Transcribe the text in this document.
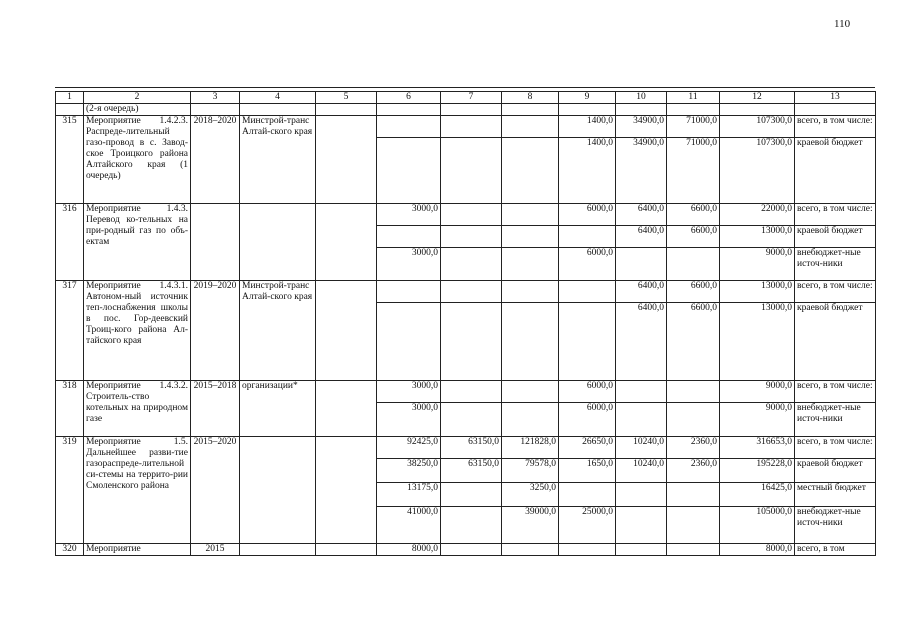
110
1	2	3	4	5	6	7	8	9	10	11	12	13
	(2-я очередь)											
315	Мероприятие 1.4.2.3. Распреде-лительный газо-провод в с. Завод-ское Троицкого района Алтайского края (1 очередь)	2018–2020	Минстрой-транс Алтай-ского края					1400,0	34900,0	71000,0	107300,0	всего, в том числе:
								1400,0	34900,0	71000,0	107300,0	краевой бюджет
316	Мероприятие 1.4.3. Перевод ко-тельных на при-родный газ по объ-ектам				3000,0			6000,0	6400,0	6600,0	22000,0	всего, в том числе:
									6400,0	6600,0	13000,0	краевой бюджет
					3000,0			6000,0			9000,0	внебюджет-ные источ-ники
317	Мероприятие 1.4.3.1. Автоном-ный источник теп-лоснабжения школы в пос. Гор-деевский Троиц-кого района Ал-тайского края	2019–2020	Минстрой-транс Алтай-ского края						6400,0	6600,0	13000,0	всего, в том числе:
									6400,0	6600,0	13000,0	краевой бюджет
318	Мероприятие 1.4.3.2. Строитель-ство котельных на природном газе	2015–2018	организации*		3000,0			6000,0			9000,0	всего, в том числе:
					3000,0			6000,0			9000,0	внебюджет-ные источ-ники
319	Мероприятие 1.5. Дальнейшее разви-тие газораспреде-лительной си-стемы на террито-рии Смоленского района	2015–2020			92425,0	63150,0	121828,0	26650,0	10240,0	2360,0	316653,0	всего, в том числе:
					38250,0	63150,0	79578,0	1650,0	10240,0	2360,0	195228,0	краевой бюджет
					13175,0		3250,0				16425,0	местный бюджет
					41000,0		39000,0	25000,0			105000,0	внебюджет-ные источ-ники
320	Мероприятие	2015			8000,0						8000,0	всего, в том
